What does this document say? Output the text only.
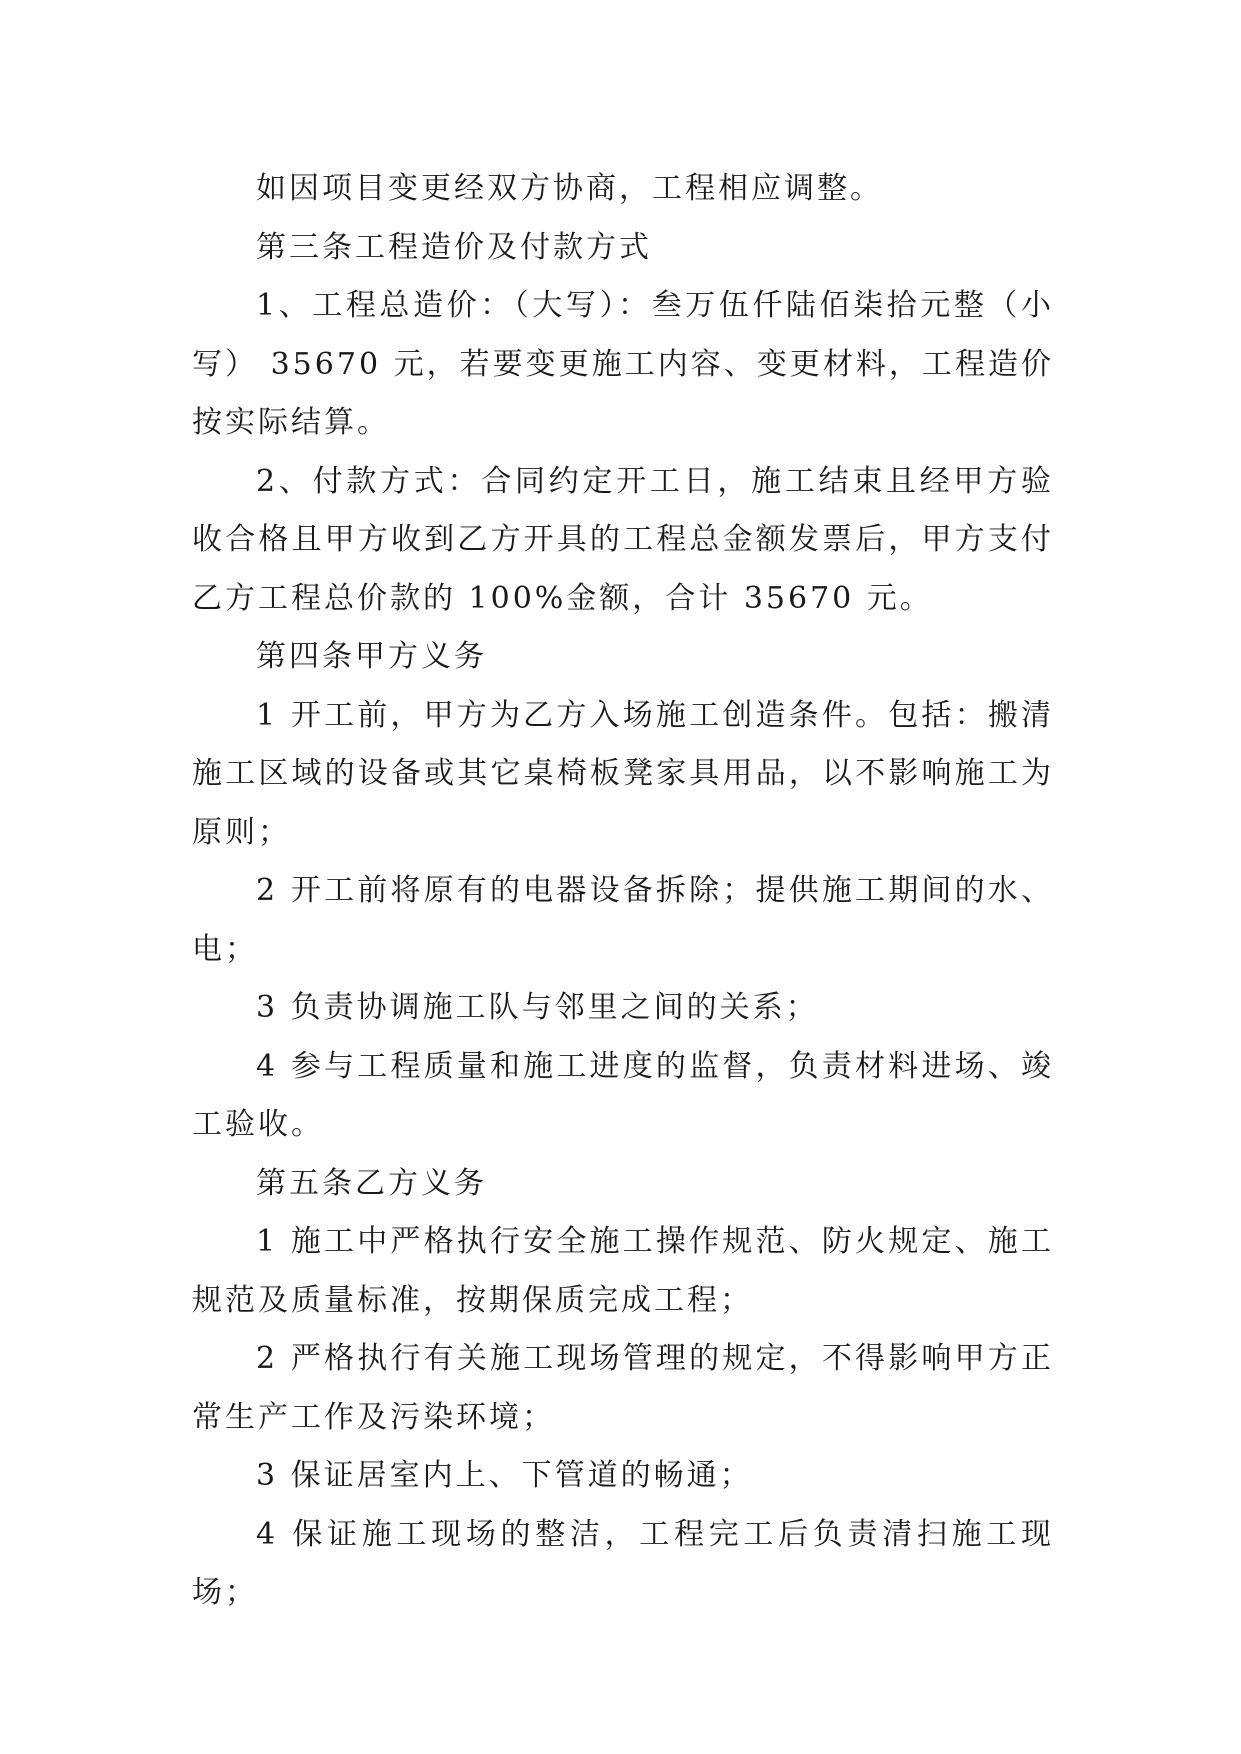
如因项目变更经双方协商，工程相应调整。

第三条工程造价及付款方式

1、工程总造价：（大写）：叁万伍仟陆佰柒拾元整（小写） 35670 元，若要变更施工内容、变更材料，工程造价按实际结算。

2、付款方式：合同约定开工日，施工结束且经甲方验收合格且甲方收到乙方开具的工程总金额发票后，甲方支付乙方工程总价款的 100%金额，合计 35670 元。

第四条甲方义务

1 开工前，甲方为乙方入场施工创造条件。包括：搬清施工区域的设备或其它桌椅板凳家具用品，以不影响施工为原则；

2 开工前将原有的电器设备拆除；提供施工期间的水、电；

3 负责协调施工队与邻里之间的关系；

4 参与工程质量和施工进度的监督，负责材料进场、竣工验收。

第五条乙方义务

1 施工中严格执行安全施工操作规范、防火规定、施工规范及质量标准，按期保质完成工程；

2 严格执行有关施工现场管理的规定，不得影响甲方正常生产工作及污染环境；

3 保证居室内上、下管道的畅通；

4 保证施工现场的整洁，工程完工后负责清扫施工现场；
